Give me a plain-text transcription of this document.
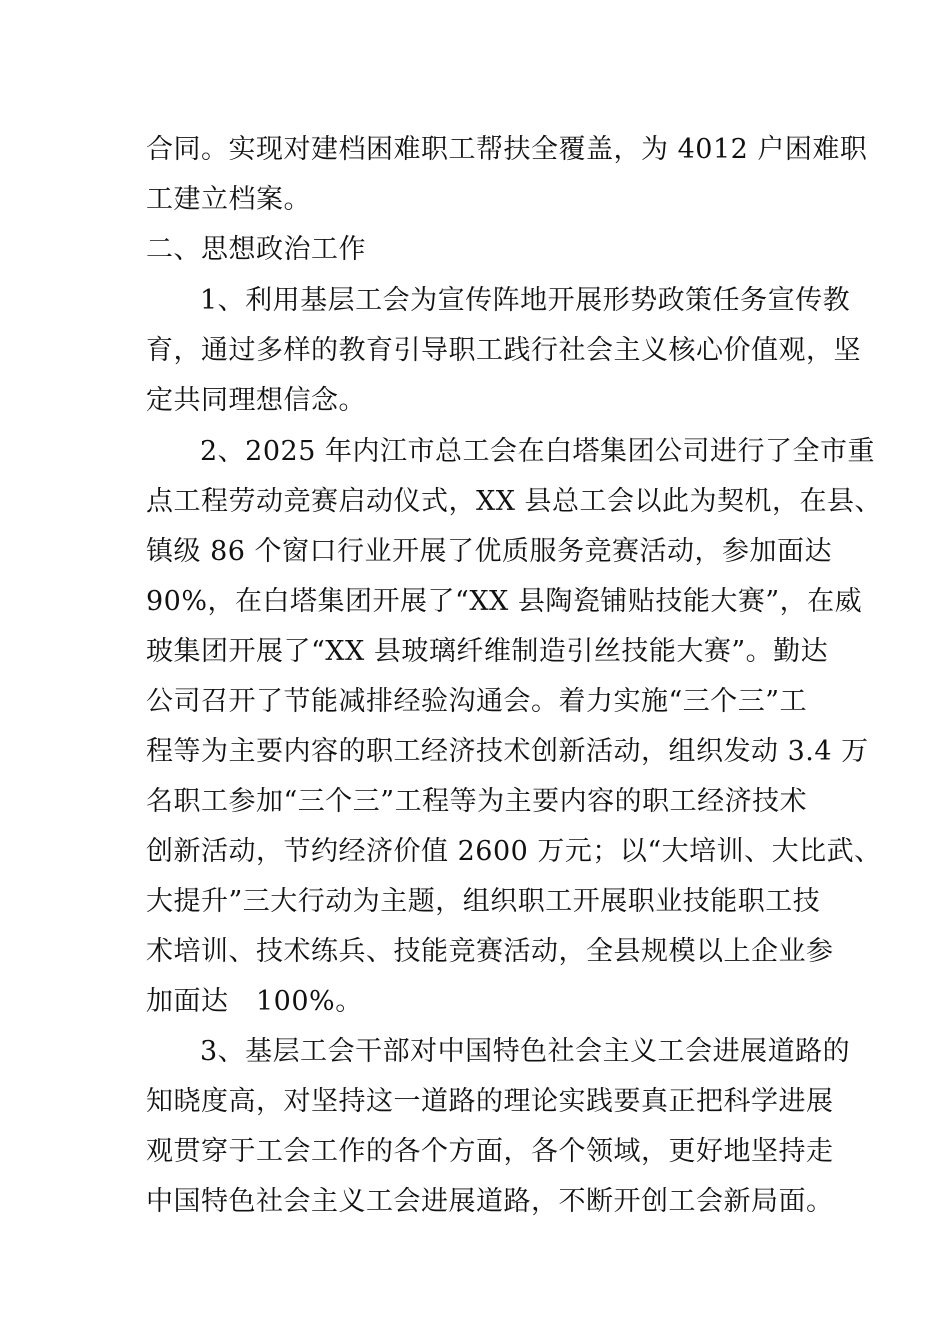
合同。实现对建档困难职工帮扶全覆盖，为 4012 户困难职
工建立档案。
二、思想政治工作
1、利用基层工会为宣传阵地开展形势政策任务宣传教
育，通过多样的教育引导职工践行社会主义核心价值观，坚
定共同理想信念。
2、2025 年内江市总工会在白塔集团公司进行了全市重
点工程劳动竞赛启动仪式，XX 县总工会以此为契机，在县、
镇级 86 个窗口行业开展了优质服务竞赛活动，参加面达
90%，在白塔集团开展了“XX 县陶瓷铺贴技能大赛”，在威
玻集团开展了“XX 县玻璃纤维制造引丝技能大赛”。勤达
公司召开了节能减排经验沟通会。着力实施“三个三”工
程等为主要内容的职工经济技术创新活动，组织发动 3.4 万
名职工参加“三个三”工程等为主要内容的职工经济技术
创新活动，节约经济价值 2600 万元；以“大培训、大比武、
大提升”三大行动为主题，组织职工开展职业技能职工技
术培训、技术练兵、技能竞赛活动，全县规模以上企业参
加面达　100%。
3、基层工会干部对中国特色社会主义工会进展道路的
知晓度高，对坚持这一道路的理论实践要真正把科学进展
观贯穿于工会工作的各个方面，各个领域，更好地坚持走
中国特色社会主义工会进展道路，不断开创工会新局面。
